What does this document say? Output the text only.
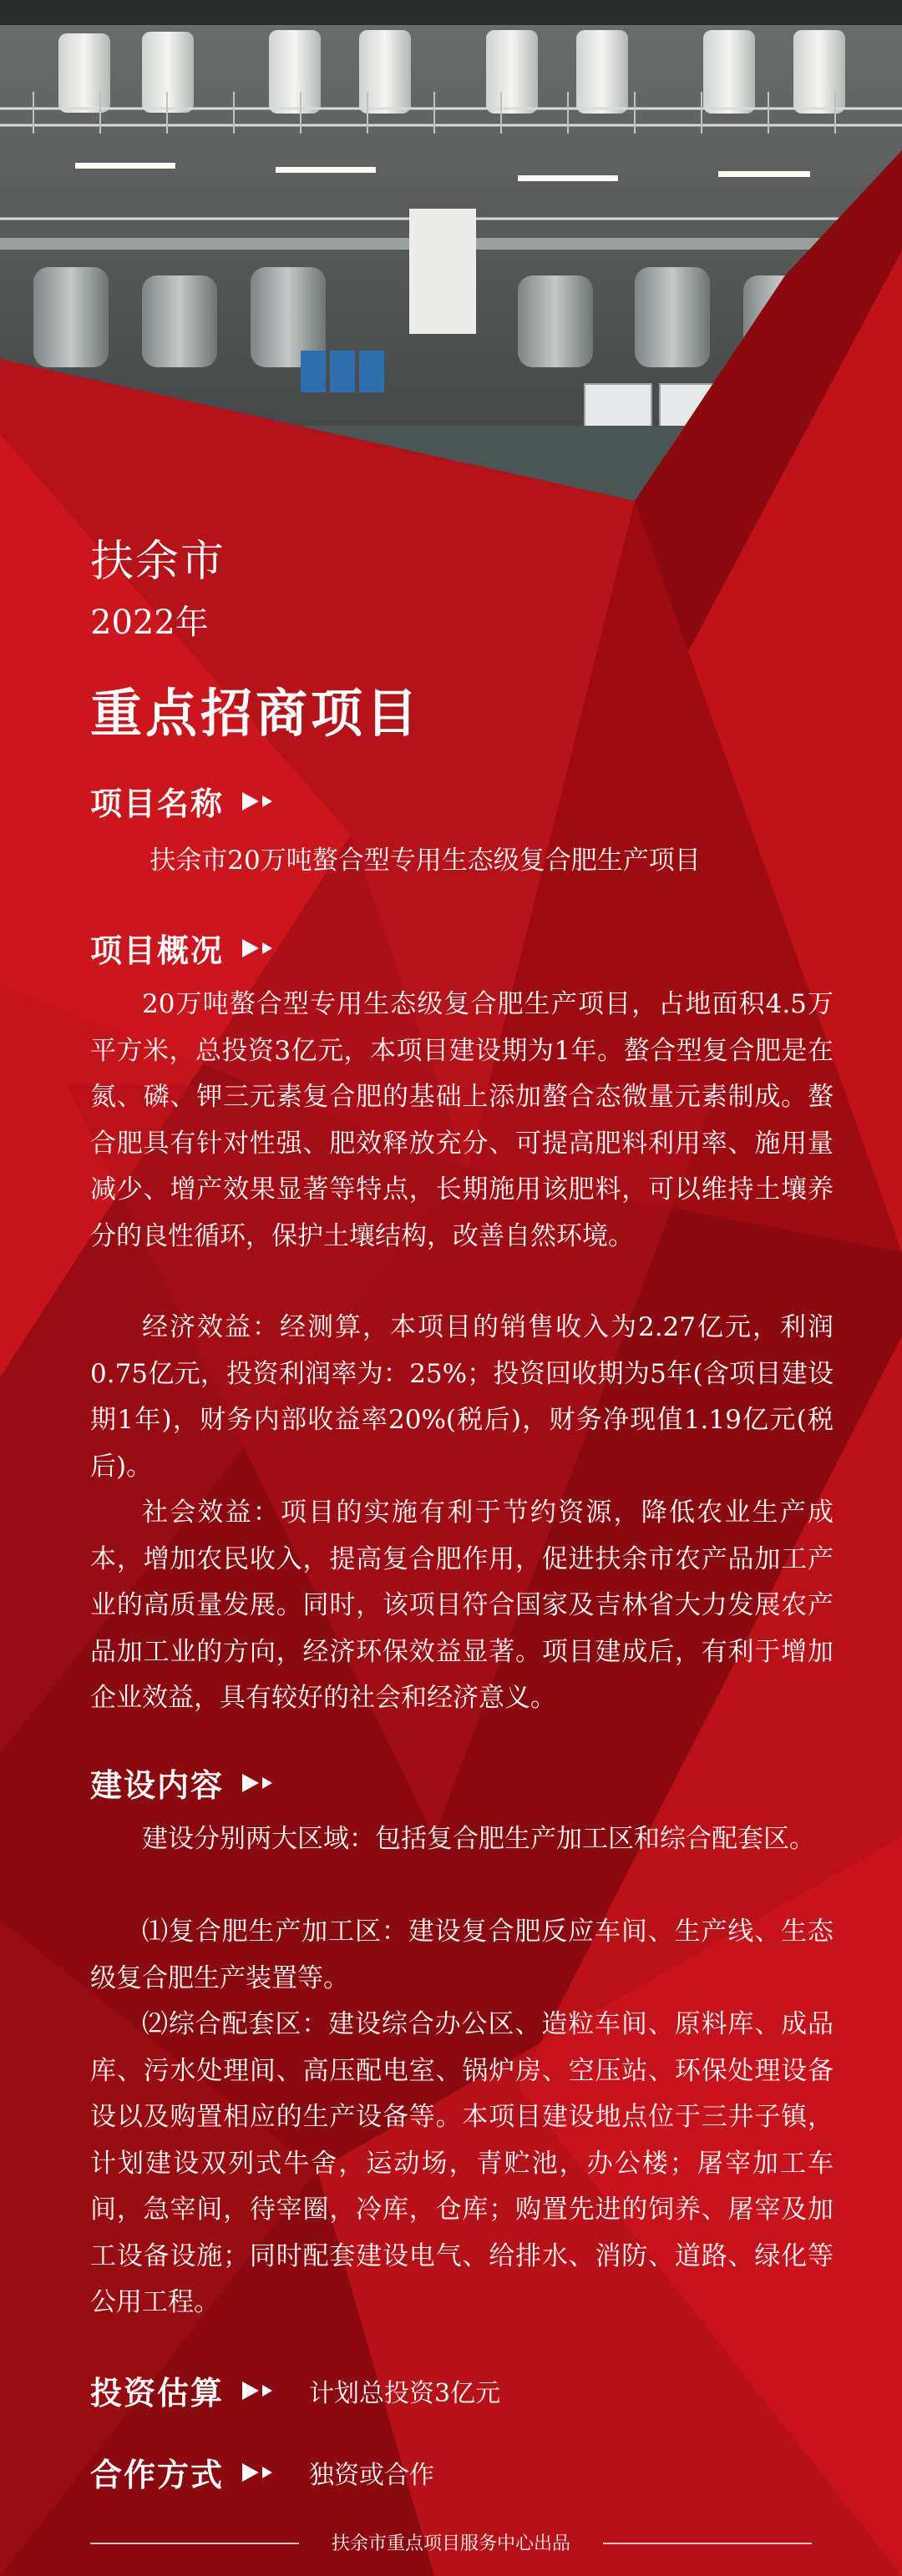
扶余市
2022年
重点招商项目
项目名称

扶余市20万吨螯合型专用生态级复合肥生产项目

项目概况

20万吨螯合型专用生态级复合肥生产项目，占地面积4.5万平方米，总投资3亿元，本项目建设期为1年。螯合型复合肥是在氮、磷、钾三元素复合肥的基础上添加螯合态微量元素制成。螯合肥具有针对性强、肥效释放充分、可提高肥料利用率、施用量减少、增产效果显著等特点，长期施用该肥料，可以维持土壤养分的良性循环，保护土壤结构，改善自然环境。

经济效益：经测算，本项目的销售收入为2.27亿元，利润0.75亿元，投资利润率为：25%；投资回收期为5年(含项目建设期1年)，财务内部收益率20%(税后)，财务净现值1.19亿元(税后)。

社会效益：项目的实施有利于节约资源，降低农业生产成本，增加农民收入，提高复合肥作用，促进扶余市农产品加工产业的高质量发展。同时，该项目符合国家及吉林省大力发展农产品加工业的方向，经济环保效益显著。项目建成后，有利于增加企业效益，具有较好的社会和经济意义。

建设内容

建设分别两大区域：包括复合肥生产加工区和综合配套区。

⑴复合肥生产加工区：建设复合肥反应车间、生产线、生态级复合肥生产装置等。

⑵综合配套区：建设综合办公区、造粒车间、原料库、成品库、污水处理间、高压配电室、锅炉房、空压站、环保处理设备设以及购置相应的生产设备等。本项目建设地点位于三井子镇，计划建设双列式牛舍，运动场，青贮池，办公楼；屠宰加工车间，急宰间，待宰圈，冷库，仓库；购置先进的饲养、屠宰及加工设备设施；同时配套建设电气、给排水、消防、道路、绿化等公用工程。

投资估算	计划总投资3亿元
合作方式	独资或合作
扶余市重点项目服务中心出品
